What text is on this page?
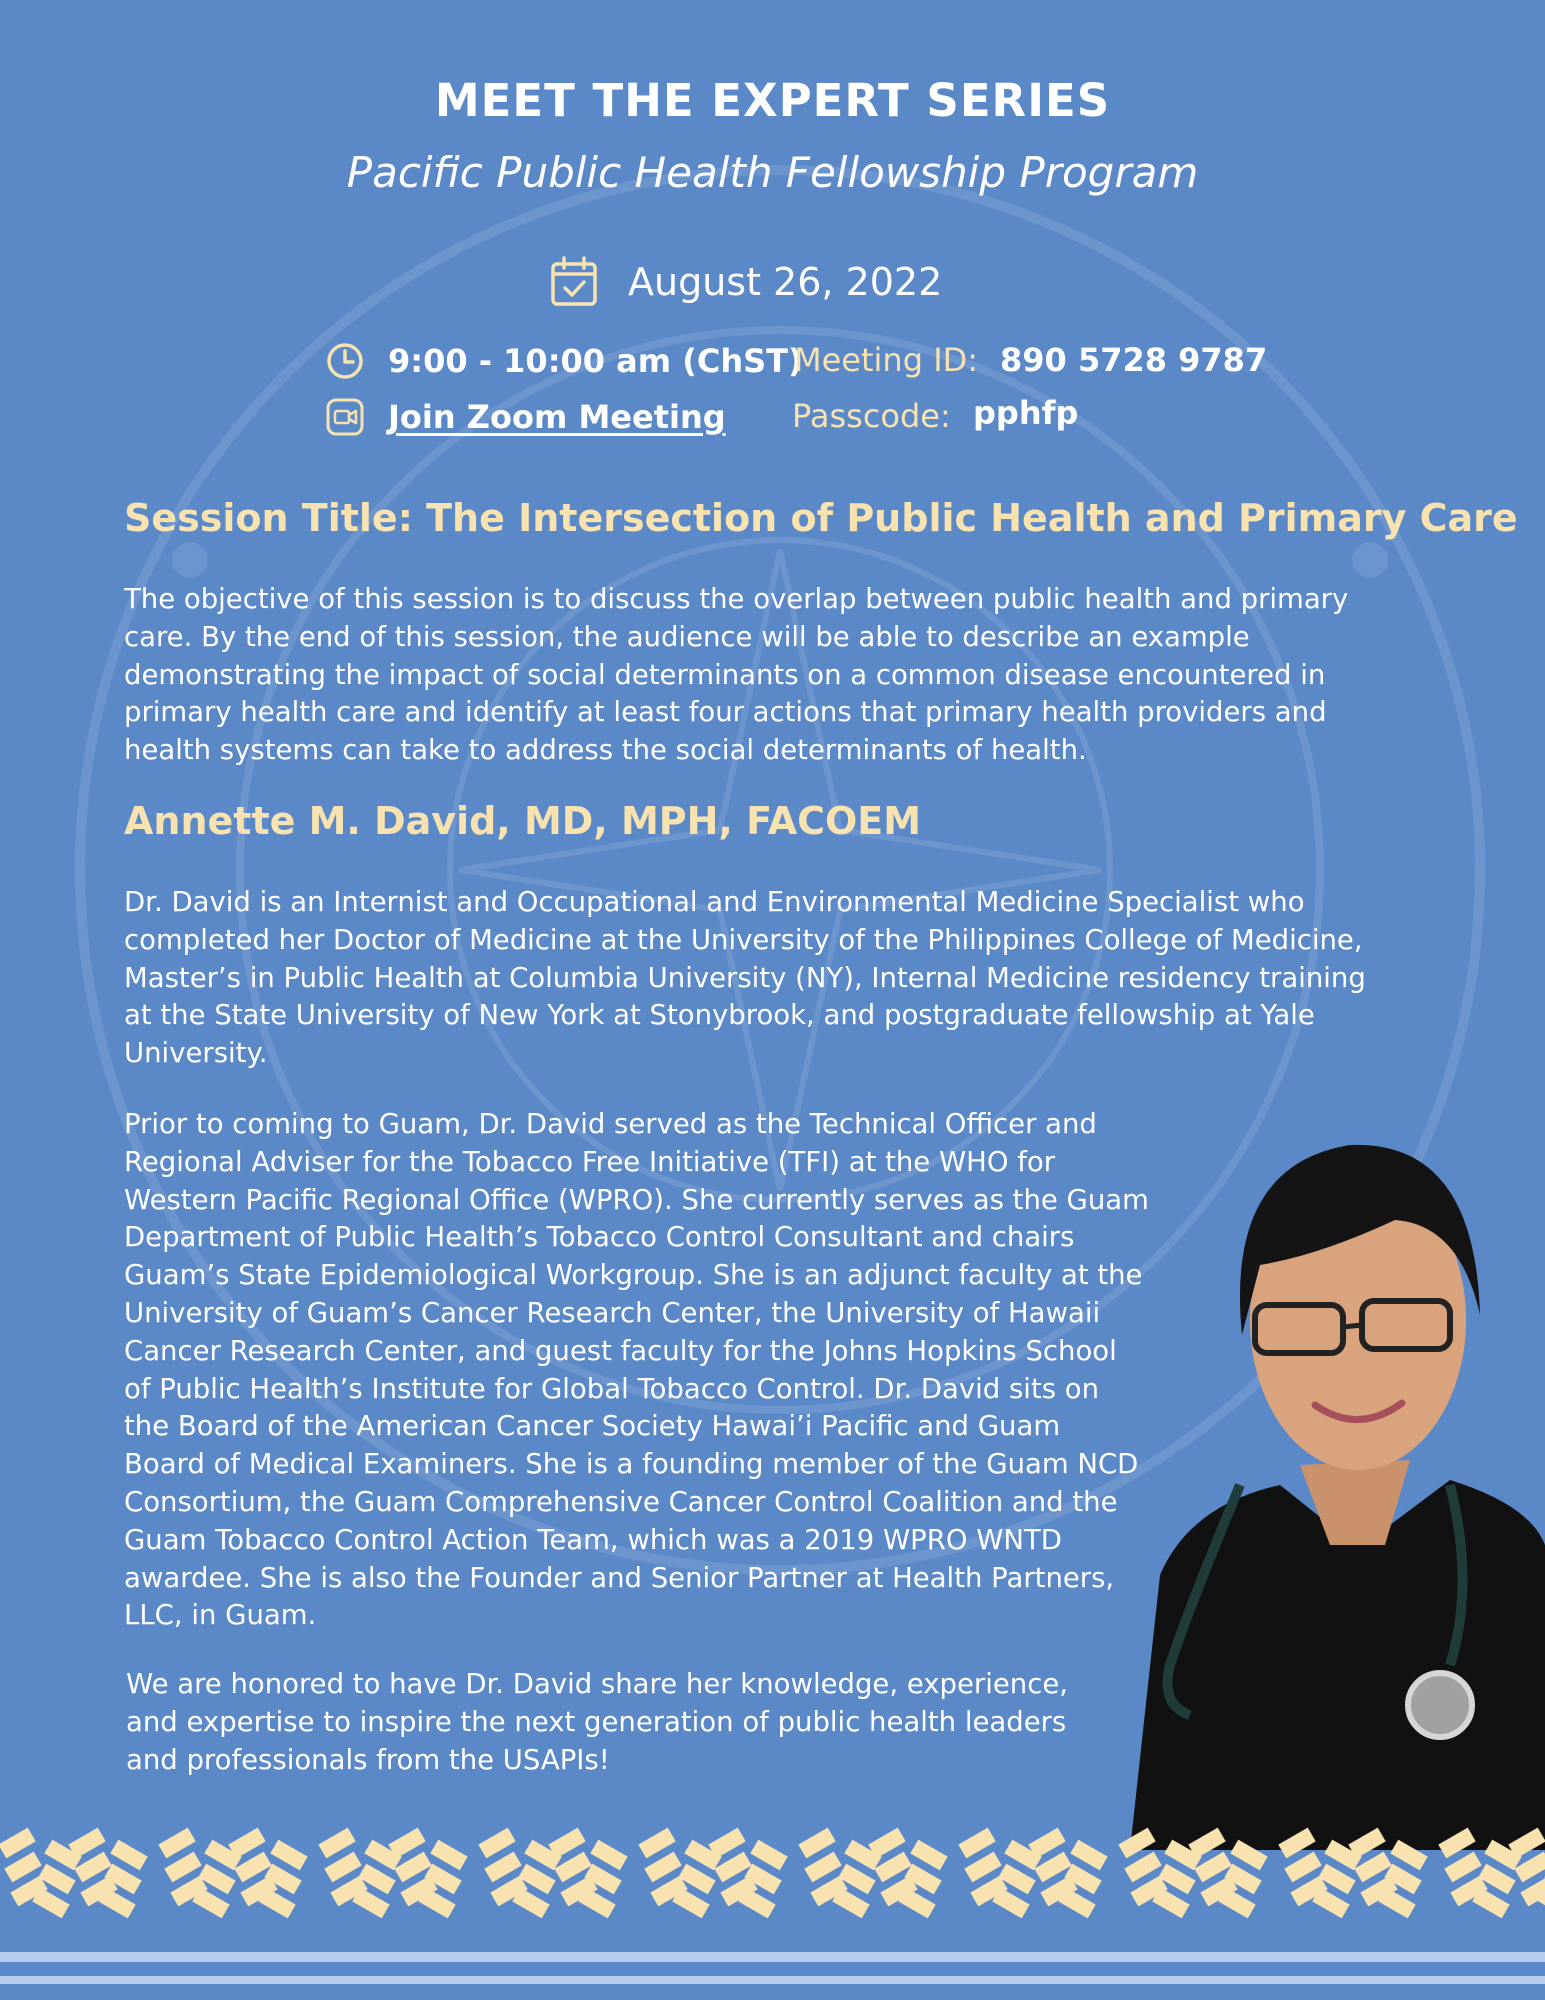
MEET THE EXPERT SERIES
Pacific Public Health Fellowship Program
August 26, 2022
9:00 - 10:00 am (ChST)
Join Zoom Meeting
Meeting ID: 890 5728 9787
Passcode: pphfp
Session Title: The Intersection of Public Health and Primary Care
The objective of this session is to discuss the overlap between public health and primary
care. By the end of this session, the audience will be able to describe an example
demonstrating the impact of social determinants on a common disease encountered in
primary health care and identify at least four actions that primary health providers and
health systems can take to address the social determinants of health.
Annette M. David, MD, MPH, FACOEM
Dr. David is an Internist and Occupational and Environmental Medicine Specialist who
completed her Doctor of Medicine at the University of the Philippines College of Medicine,
Master’s in Public Health at Columbia University (NY), Internal Medicine residency training
at the State University of New York at Stonybrook, and postgraduate fellowship at Yale
University.
Prior to coming to Guam, Dr. David served as the Technical Officer and
Regional Adviser for the Tobacco Free Initiative (TFI) at the WHO for
Western Pacific Regional Office (WPRO). She currently serves as the Guam
Department of Public Health’s Tobacco Control Consultant and chairs
Guam’s State Epidemiological Workgroup. She is an adjunct faculty at the
University of Guam’s Cancer Research Center, the University of Hawaii
Cancer Research Center, and guest faculty for the Johns Hopkins School
of Public Health’s Institute for Global Tobacco Control. Dr. David sits on
the Board of the American Cancer Society Hawai’i Pacific and Guam
Board of Medical Examiners. She is a founding member of the Guam NCD
Consortium, the Guam Comprehensive Cancer Control Coalition and the
Guam Tobacco Control Action Team, which was a 2019 WPRO WNTD
awardee. She is also the Founder and Senior Partner at Health Partners,
LLC, in Guam.
We are honored to have Dr. David share her knowledge, experience,
and expertise to inspire the next generation of public health leaders
and professionals from the USAPIs!
